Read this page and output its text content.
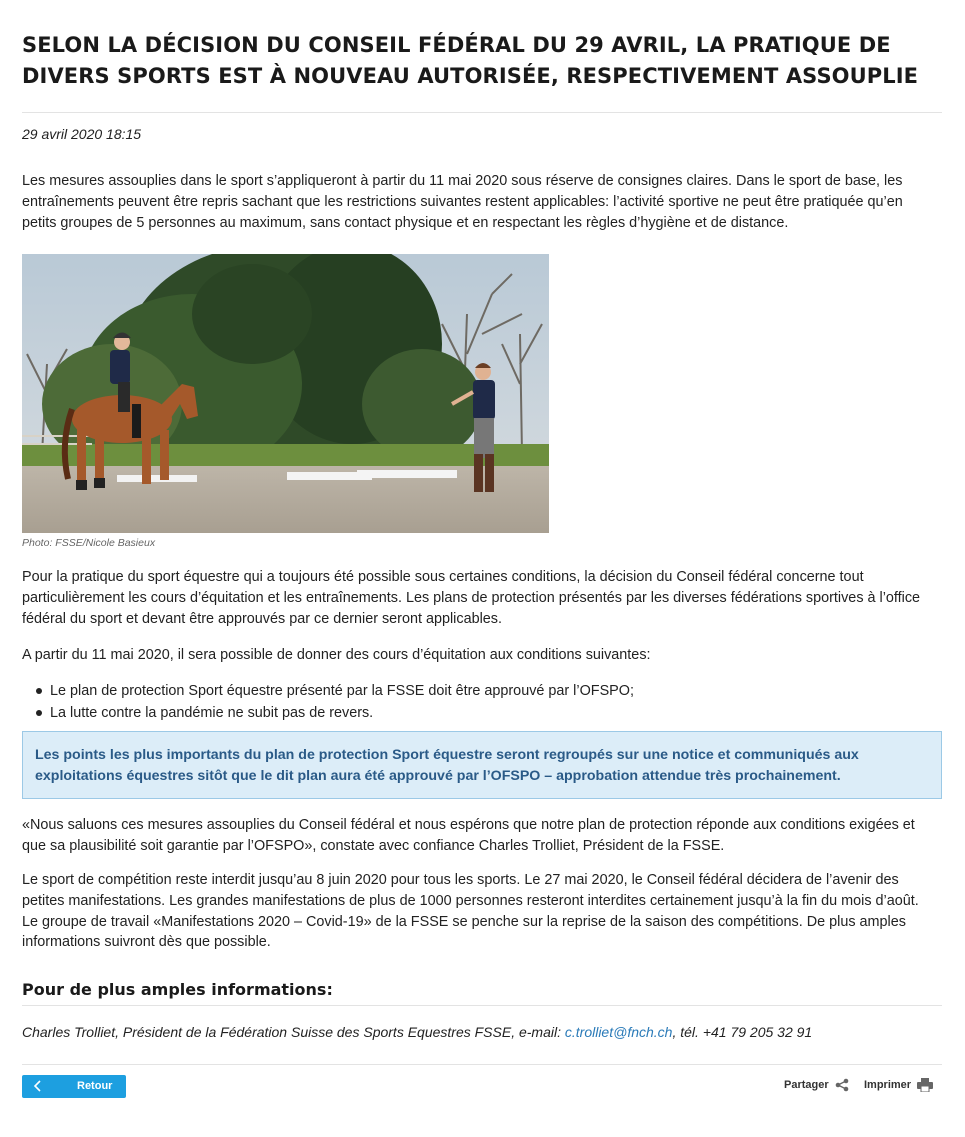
SELON LA DÉCISION DU CONSEIL FÉDÉRAL DU 29 AVRIL, LA PRATIQUE DE DIVERS SPORTS EST À NOUVEAU AUTORISÉE, RESPECTIVEMENT ASSOUPLIE
29 avril 2020 18:15

Les mesures assouplies dans le sport s’appliqueront à partir du 11 mai 2020 sous réserve de consignes claires. Dans le sport de base, les entraînements peuvent être repris sachant que les restrictions suivantes restent applicables: l’activité sportive ne peut être pratiquée qu’en petits groupes de 5 personnes au maximum, sans contact physique et en respectant les règles d’hygiène et de distance.

Photo: FSSE/Nicole Basieux

Pour la pratique du sport équestre qui a toujours été possible sous certaines conditions, la décision du Conseil fédéral concerne tout particulièrement les cours d’équitation et les entraînements. Les plans de protection présentés par les diverses fédérations sportives à l’office fédéral du sport et devant être approuvés par ce dernier seront applicables.

A partir du 11 mai 2020, il sera possible de donner des cours d’équitation aux conditions suivantes:

Le plan de protection Sport équestre présenté par la FSSE doit être approuvé par l’OFSPO;
La lutte contre la pandémie ne subit pas de revers.
Les points les plus importants du plan de protection Sport équestre seront regroupés sur une notice et communiqués aux exploitations équestres sitôt que le dit plan aura été approuvé par l’OFSPO – approbation attendue très prochainement.

«Nous saluons ces mesures assouplies du Conseil fédéral et nous espérons que notre plan de protection réponde aux conditions exigées et que sa plausibilité soit garantie par l’OFSPO», constate avec confiance Charles Trolliet, Président de la FSSE.

Le sport de compétition reste interdit jusqu’au 8 juin 2020 pour tous les sports. Le 27 mai 2020, le Conseil fédéral décidera de l’avenir des petites manifestations. Les grandes manifestations de plus de 1000 personnes resteront interdites certainement jusqu’à la fin du mois d’août. Le groupe de travail «Manifestations 2020 – Covid-19» de la FSSE se penche sur la reprise de la saison des compétitions. De plus amples informations suivront dès que possible.

Pour de plus amples informations:
Charles Trolliet, Président de la Fédération Suisse des Sports Equestres FSSE, e-mail: c.trolliet@fnch.ch, tél. +41 79 205 32 91
Retour	Partager	Imprimer
